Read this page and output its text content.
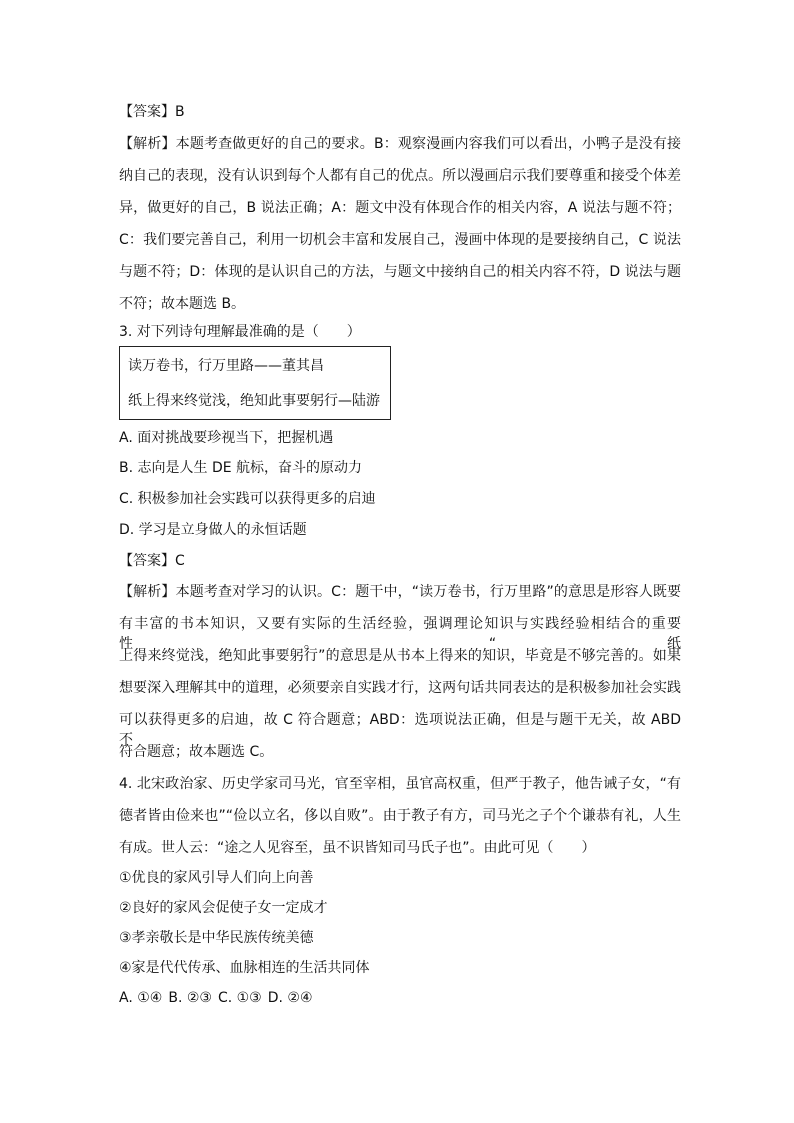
【答案】B
【解析】本题考查做更好的自己的要求。B：观察漫画内容我们可以看出，小鸭子是没有接
纳自己的表现，没有认识到每个人都有自己的优点。所以漫画启示我们要尊重和接受个体差
异，做更好的自己，B 说法正确；A：题文中没有体现合作的相关内容，A 说法与题不符；
C：我们要完善自己，利用一切机会丰富和发展自己，漫画中体现的是要接纳自己，C 说法
与题不符；D：体现的是认识自己的方法，与题文中接纳自己的相关内容不符，D 说法与题
不符；故本题选 B。
3. 对下列诗句理解最准确的是（　　）
读万卷书，行万里路——董其昌
纸上得来终觉浅，绝知此事要躬行—陆游
A. 面对挑战要珍视当下，把握机遇
B. 志向是人生 DE 航标，奋斗的原动力
C. 积极参加社会实践可以获得更多的启迪
D. 学习是立身做人的永恒话题
【答案】C
【解析】本题考查对学习的认识。C：题干中，“读万卷书，行万里路”的意思是形容人既要
有丰富的书本知识，又要有实际的生活经验，强调理论知识与实践经验相结合的重要性。“纸
上得来终觉浅，绝知此事要躬行”的意思是从书本上得来的知识，毕竟是不够完善的。如果
想要深入理解其中的道理，必须要亲自实践才行，这两句话共同表达的是积极参加社会实践
可以获得更多的启迪，故 C 符合题意；ABD：选项说法正确，但是与题干无关，故 ABD 不
符合题意；故本题选 C。
4. 北宋政治家、历史学家司马光，官至宰相，虽官高权重，但严于教子，他告诫子女，“有
德者皆由俭来也”“俭以立名，侈以自败”。由于教子有方，司马光之子个个谦恭有礼，人生
有成。世人云：“途之人见容至，虽不识皆知司马氏子也”。由此可见（　　）
①优良的家风引导人们向上向善
②良好的家风会促使子女一定成才
③孝亲敬长是中华民族传统美德
④家是代代传承、血脉相连的生活共同体
A. ①④ B. ②③ C. ①③ D. ②④
